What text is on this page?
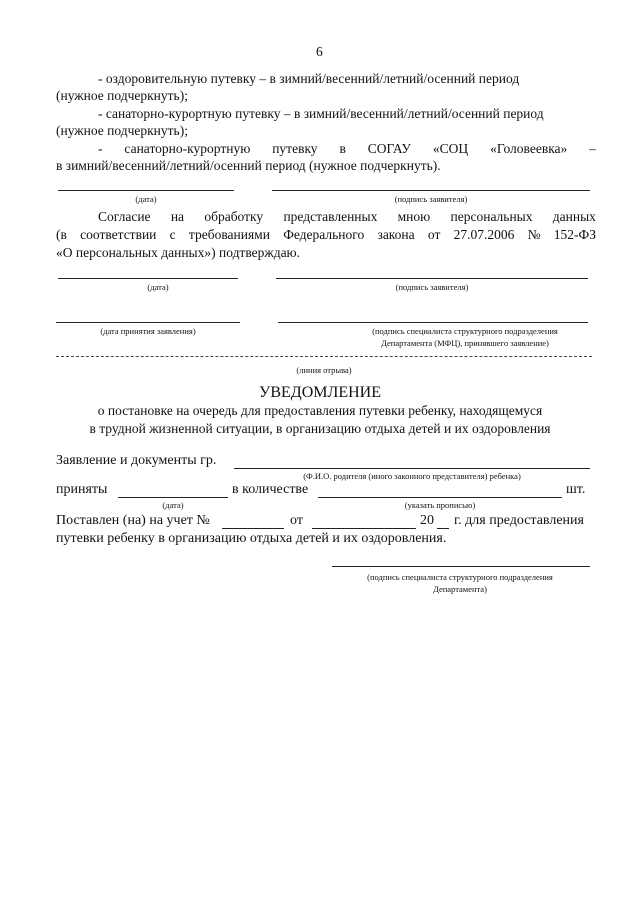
6
- оздоровительную путевку – в зимний/весенний/летний/осенний период
(нужное подчеркнуть);
- санаторно-курортную путевку – в зимний/весенний/летний/осенний период
(нужное подчеркнуть);
- санаторно-курортную путевку в СОГАУ «СОЦ «Головеевка» –
в зимний/весенний/летний/осенний период (нужное подчеркнуть).
(дата)	(подпись заявителя)
Согласие на обработку представленных мною персональных данных
(в соответствии с требованиями Федерального закона от 27.07.2006 № 152-ФЗ
«О персональных данных») подтверждаю.
(дата)	(подпись заявителя)
(дата принятия заявления)	(подпись специалиста структурного подразделения
Департамента (МФЦ), принявшего заявление)
(линия отрыва)
УВЕДОМЛЕНИЕ
о постановке на очередь для предоставления путевки ребенку, находящемуся
в трудной жизненной ситуации, в организацию отдыха детей и их оздоровления
Заявление и документы гр.
(Ф.И.О. родителя (иного законного представителя) ребенка)
приняты	в количестве	шт.
(дата)	(указать прописью)
Поставлен (на) на учет №	от	20 г. для предоставления
путевки ребенку в организацию отдыха детей и их оздоровления.
(подпись специалиста структурного подразделения
Департамента)
